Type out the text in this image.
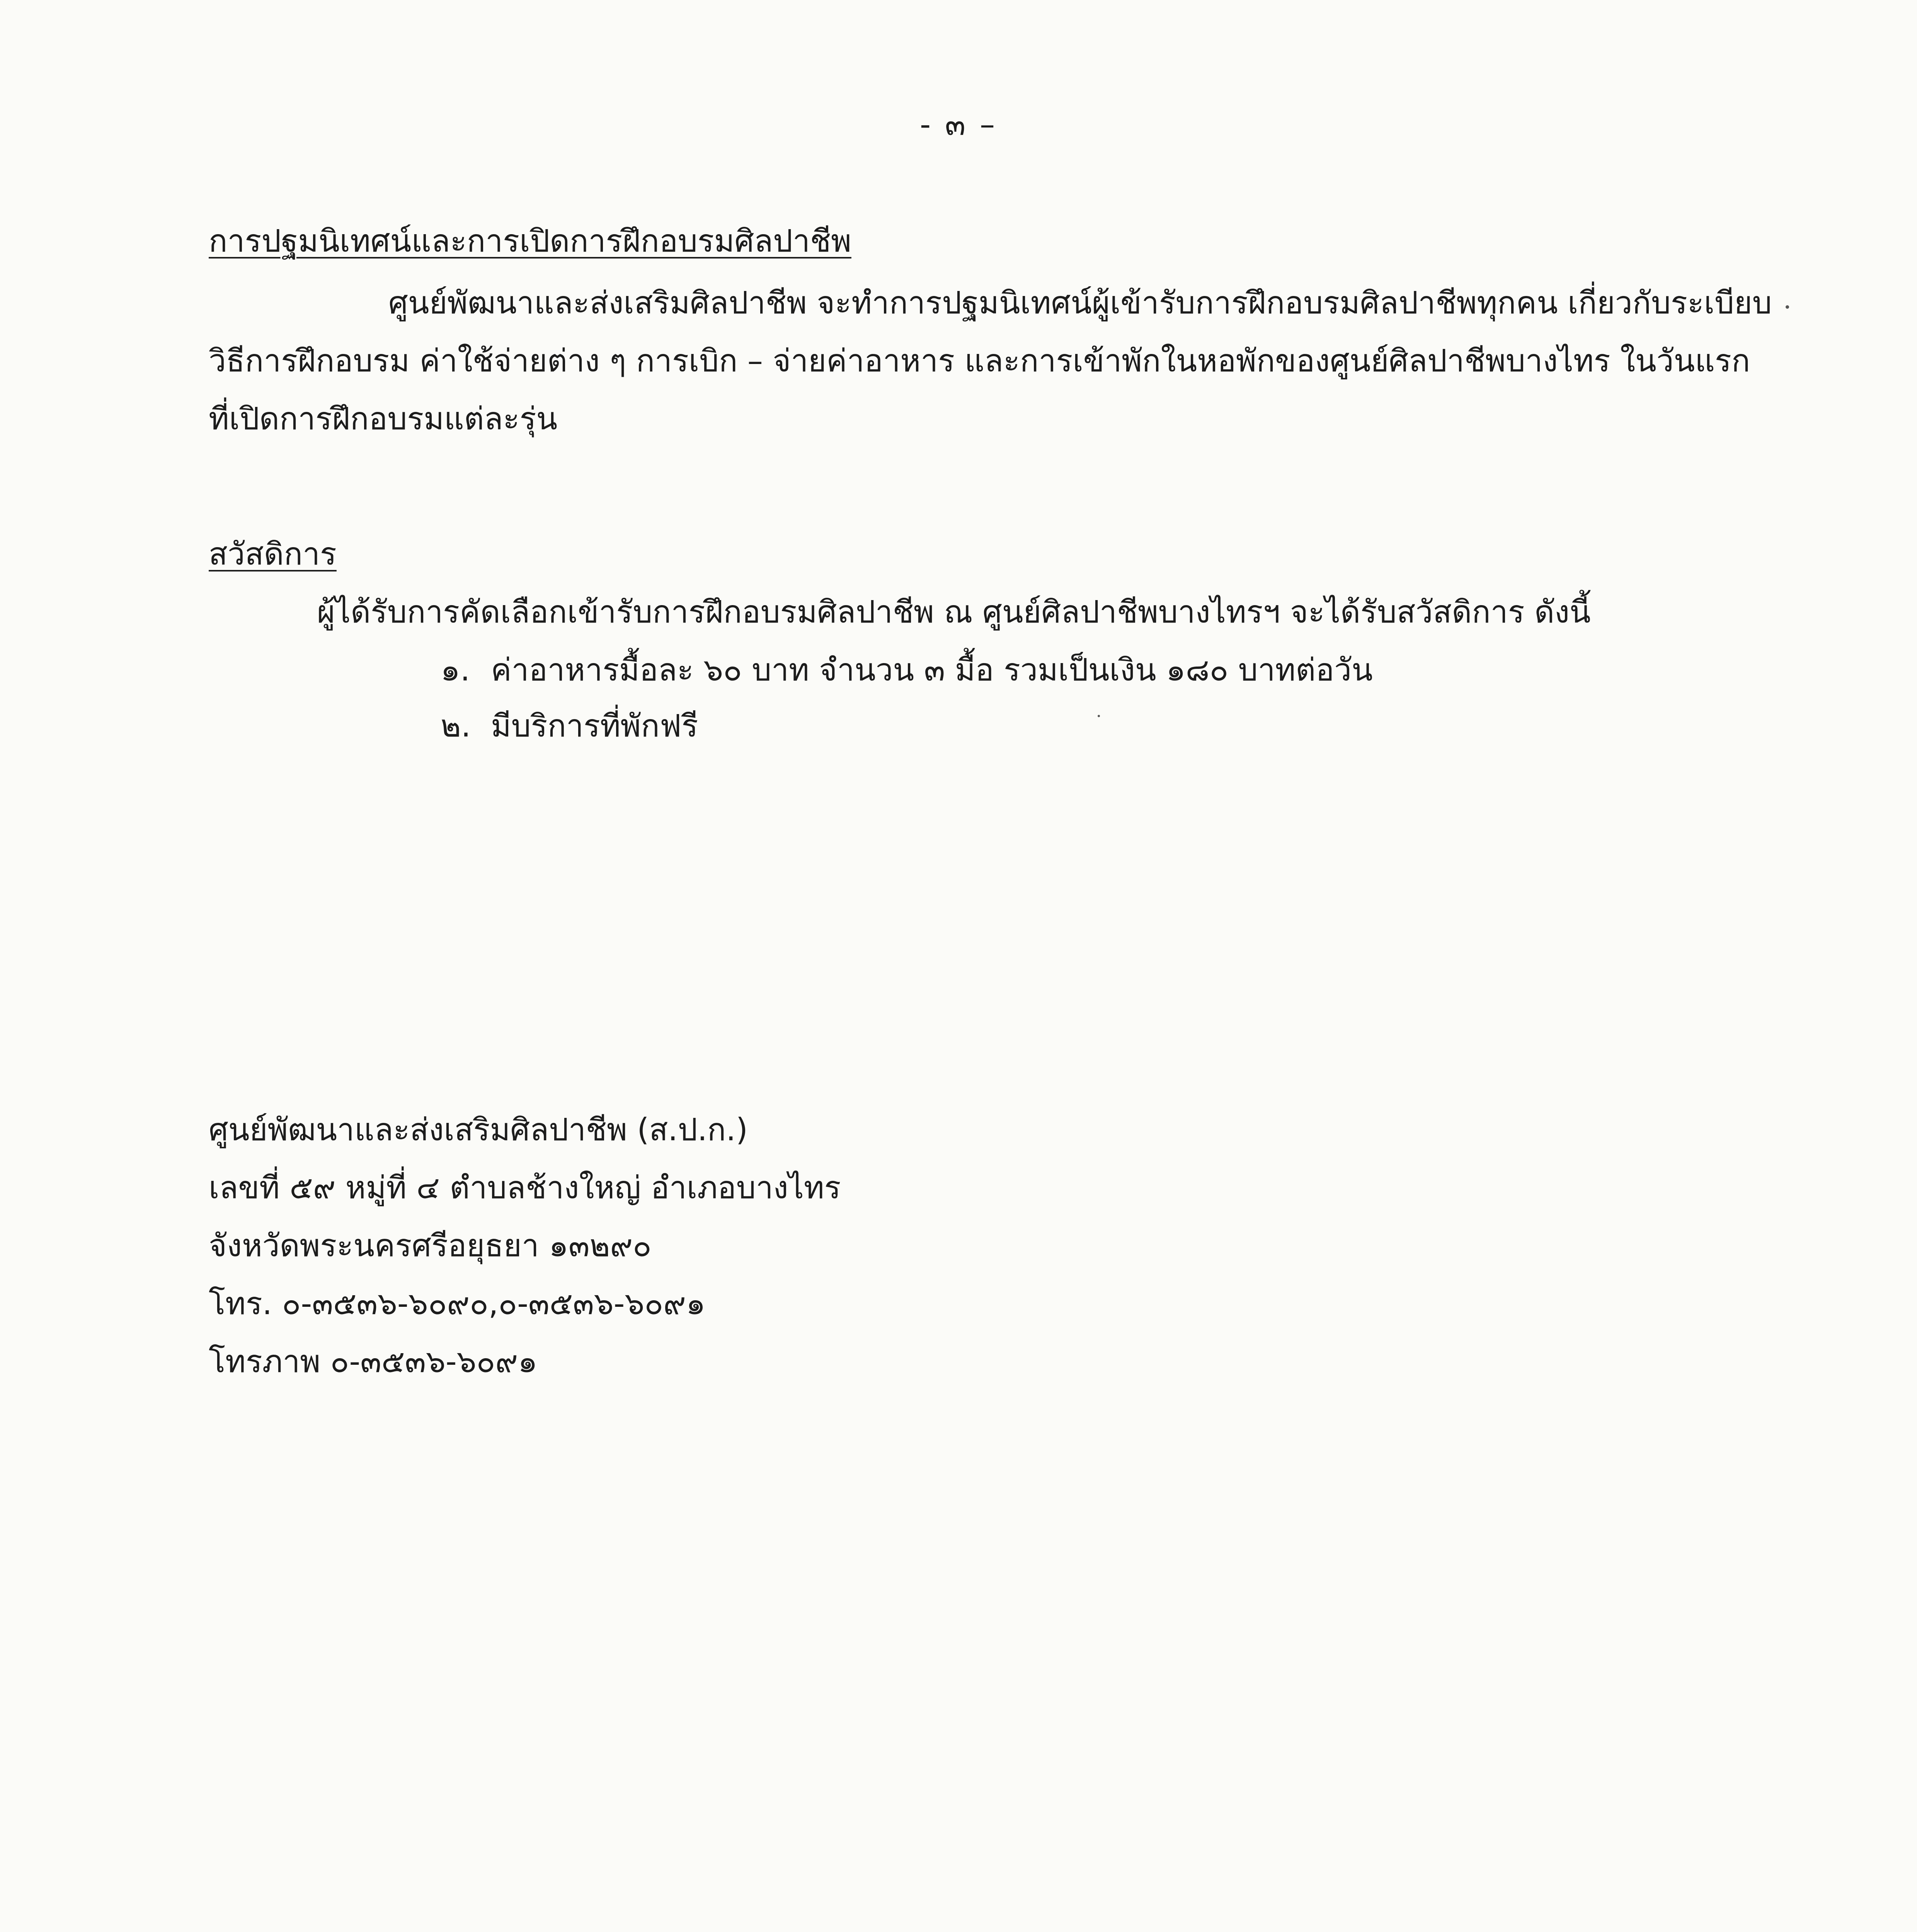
- ๓ –
การปฐมนิเทศน์และการเปิดการฝึกอบรมศิลปาชีพ
ศูนย์พัฒนาและส่งเสริมศิลปาชีพ จะทำการปฐมนิเทศน์ผู้เข้ารับการฝึกอบรมศิลปาชีพทุกคน เกี่ยวกับระเบียบ
วิธีการฝึกอบรม ค่าใช้จ่ายต่าง ๆ การเบิก – จ่ายค่าอาหาร และการเข้าพักในหอพักของศูนย์ศิลปาชีพบางไทร ในวันแรก
ที่เปิดการฝึกอบรมแต่ละรุ่น
สวัสดิการ
ผู้ได้รับการคัดเลือกเข้ารับการฝึกอบรมศิลปาชีพ ณ ศูนย์ศิลปาชีพบางไทรฯ จะได้รับสวัสดิการ ดังนี้
๑. ค่าอาหารมื้อละ ๖๐ บาท จำนวน ๓ มื้อ รวมเป็นเงิน ๑๘๐ บาทต่อวัน
๒. มีบริการที่พักฟรี
ศูนย์พัฒนาและส่งเสริมศิลปาชีพ (ส.ป.ก.)
เลขที่ ๕๙ หมู่ที่ ๔ ตำบลช้างใหญ่ อำเภอบางไทร
จังหวัดพระนครศรีอยุธยา ๑๓๒๙๐
โทร. ๐-๓๕๓๖-๖๐๙๐,๐-๓๕๓๖-๖๐๙๑
โทรภาพ ๐-๓๕๓๖-๖๐๙๑
